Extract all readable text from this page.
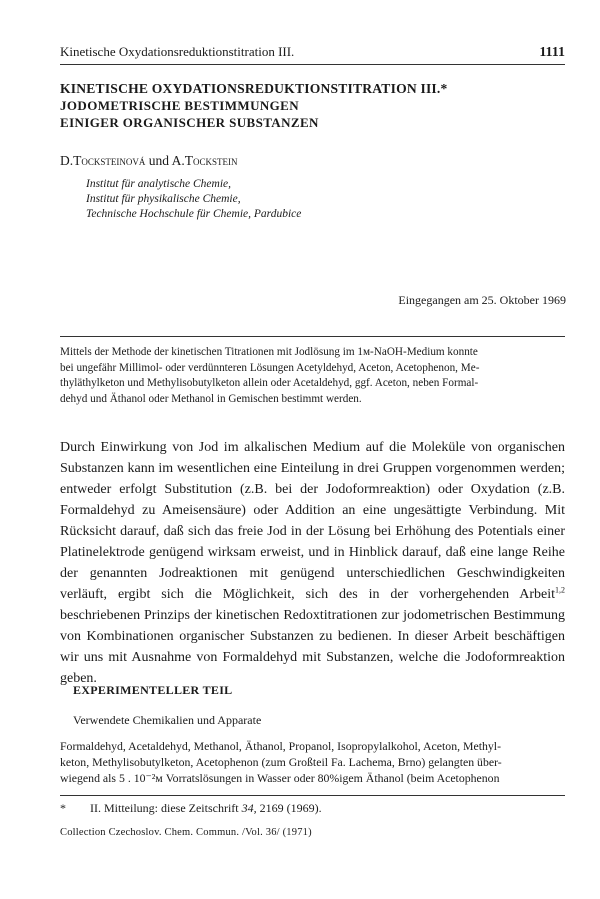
Kinetische Oxydationsreduktionstitration III.	1111
KINETISCHE OXYDATIONSREDUKTIONSTITRATION III.*
JODOMETRISCHE BESTIMMUNGEN
EINIGER ORGANISCHER SUBSTANZEN
D.Tocksteinová und A.Tockstein
Institut für analytische Chemie,
Institut für physikalische Chemie,
Technische Hochschule für Chemie, Pardubice
Eingegangen am 25. Oktober 1969
Mittels der Methode der kinetischen Titrationen mit Jodlösung im 1м-NaOH-Medium konnte
bei ungefähr Millimol- oder verdünnteren Lösungen Acetyldehyd, Aceton, Acetophenon, Me-
thyläthylketon und Methylisobutylketon allein oder Acetaldehyd, ggf. Aceton, neben Formal-
dehyd und Äthanol oder Methanol in Gemischen bestimmt werden.
Durch Einwirkung von Jod im alkalischen Medium auf die Moleküle von organischen Substanzen kann im wesentlichen eine Einteilung in drei Gruppen vorgenommen werden; entweder erfolgt Substitution (z.B. bei der Jodoformreaktion) oder Oxydation (z.B. Formaldehyd zu Ameisensäure) oder Addition an eine ungesättigte Verbindung. Mit Rücksicht darauf, daß sich das freie Jod in der Lösung bei Erhöhung des Potentials einer Platinelektrode genügend wirksam erweist, und in Hinblick darauf, daß eine lange Reihe der genannten Jodreaktionen mit genügend unterschiedlichen Geschwindigkeiten verläuft, ergibt sich die Möglichkeit, sich des in der vorhergehenden Arbeit$^{1,2}$ beschriebenen Prinzips der kinetischen Redoxtitrationen zur jodometrischen Bestimmung von Kombinationen organischer Substanzen zu bedienen. In dieser Arbeit beschäftigen wir uns mit Ausnahme von Formaldehyd mit Substanzen, welche die Jodoformreaktion geben.
EXPERIMENTELLER TEIL
Verwendete Chemikalien und Apparate
Formaldehyd, Acetaldehyd, Methanol, Äthanol, Propanol, Isopropylalkohol, Aceton, Methyl-
keton, Methylisobutylketon, Acetophenon (zum Großteil Fa. Lachema, Brno) gelangten über-
wiegend als 5 . 10⁻²м Vorratslösungen in Wasser oder 80%igem Äthanol (beim Acetophenon
* II. Mitteilung: diese Zeitschrift 34, 2169 (1969).
Collection Czechoslov. Chem. Commun. /Vol. 36/ (1971)
